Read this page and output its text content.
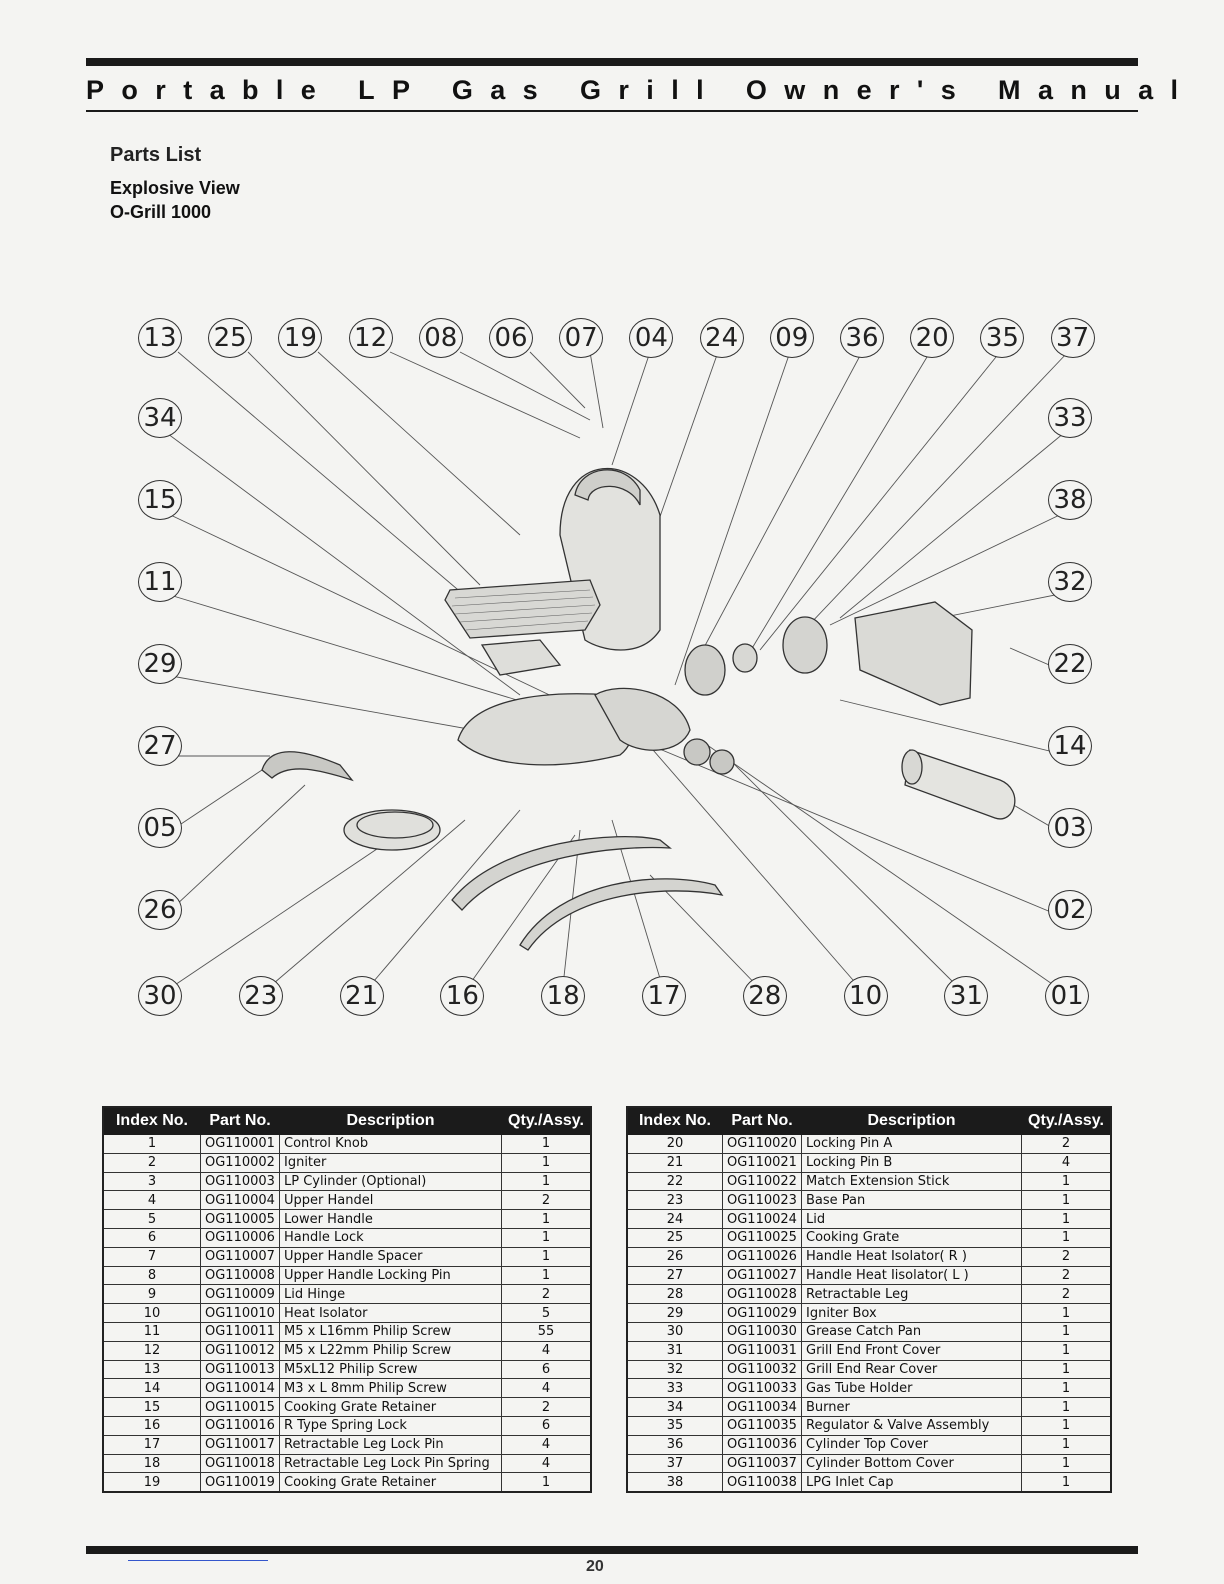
Portable LP Gas Grill Owner's Manual
Parts List
Explosive View
O-Grill 1000
13 25 19 12 08 06 07 04 24 09 36 20 35 37
34
15
11
29
27
05
26
33
38
32
22
14
03
02
30	23	21	16	18	17	28	10	31	01
Index No.	Part No.	Description	Qty./Assy.
1	OG110001	Control Knob	1
2	OG110002	Igniter	1
3	OG110003	LP Cylinder (Optional)	1
4	OG110004	Upper Handel	2
5	OG110005	Lower Handle	1
6	OG110006	Handle Lock	1
7	OG110007	Upper Handle Spacer	1
8	OG110008	Upper Handle Locking Pin	1
9	OG110009	Lid Hinge	2
10	OG110010	Heat Isolator	5
11	OG110011	M5 x L16mm Philip Screw	55
12	OG110012	M5 x L22mm Philip Screw	4
13	OG110013	M5xL12 Philip Screw	6
14	OG110014	M3 x L 8mm Philip Screw	4
15	OG110015	Cooking Grate Retainer	2
16	OG110016	R Type Spring Lock	6
17	OG110017	Retractable Leg Lock Pin	4
18	OG110018	Retractable Leg Lock Pin Spring	4
19	OG110019	Cooking Grate Retainer	1
Index No.	Part No.	Description	Qty./Assy.
20	OG110020	Locking Pin A	2
21	OG110021	Locking Pin B	4
22	OG110022	Match Extension Stick	1
23	OG110023	Base Pan	1
24	OG110024	Lid	1
25	OG110025	Cooking Grate	1
26	OG110026	Handle Heat Isolator( R )	2
27	OG110027	Handle Heat Iisolator( L )	2
28	OG110028	Retractable Leg	2
29	OG110029	Igniter Box	1
30	OG110030	Grease Catch Pan	1
31	OG110031	Grill End Front Cover	1
32	OG110032	Grill End Rear Cover	1
33	OG110033	Gas Tube Holder	1
34	OG110034	Burner	1
35	OG110035	Regulator & Valve Assembly	1
36	OG110036	Cylinder Top Cover	1
37	OG110037	Cylinder Bottom Cover	1
38	OG110038	LPG Inlet Cap	1
20
